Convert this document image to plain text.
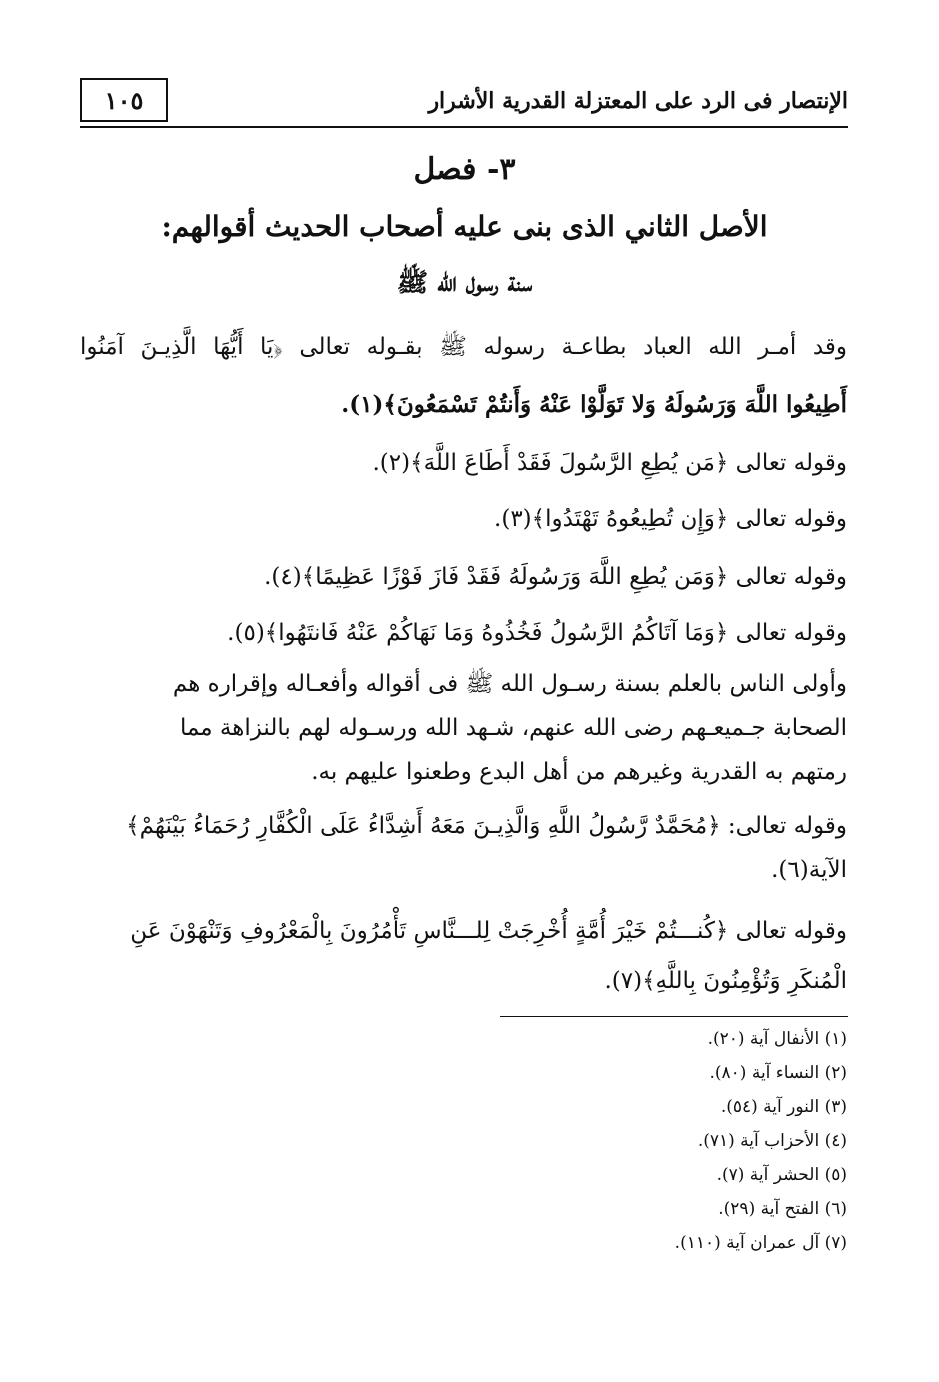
الإنتصار فى الرد على المعتزلة القدرية الأشرار
١٠٥
٣- فصل
الأصل الثاني الذى بنى عليه أصحاب الحديث أقوالهم:
سنة رسول الله ﷺ
وقد أمـر الله العباد بطاعـة رسوله ﷺ بقـوله تعالى ﴿يَا أَيُّهَا الَّذِيـنَ آمَنُوا
أَطِيعُوا اللَّهَ وَرَسُولَهُ وَلا تَوَلَّوْا عَنْهُ وَأَنتُمْ تَسْمَعُونَ﴾(١).
وقوله تعالى ﴿مَن يُطِعِ الرَّسُولَ فَقَدْ أَطَاعَ اللَّهَ﴾(٢).
وقوله تعالى ﴿وَإِن تُطِيعُوهُ تَهْتَدُوا﴾(٣).
وقوله تعالى ﴿وَمَن يُطِعِ اللَّهَ وَرَسُولَهُ فَقَدْ فَازَ فَوْزًا عَظِيمًا﴾(٤).
وقوله تعالى ﴿وَمَا آتَاكُمُ الرَّسُولُ فَخُذُوهُ وَمَا نَهَاكُمْ عَنْهُ فَانتَهُوا﴾(٥).
وأولى الناس بالعلم بسنة رسـول الله ﷺ فى أقواله وأفعـاله وإقراره هم
الصحابة جـميعـهم رضى الله عنهم، شـهد الله ورسـوله لهم بالنزاهة مما
رمتهم به القدرية وغيرهم من أهل البدع وطعنوا عليهم به.
وقوله تعالى: ﴿مُحَمَّدٌ رَّسُولُ اللَّهِ وَالَّذِيـنَ مَعَهُ أَشِدَّاءُ عَلَى الْكُفَّارِ رُحَمَاءُ بَيْنَهُمْ﴾
الآية(٦).
وقوله تعالى ﴿كُنـــتُمْ خَيْرَ أُمَّةٍ أُخْرِجَتْ لِلـــنَّاسِ تَأْمُرُونَ بِالْمَعْرُوفِ وَتَنْهَوْنَ عَنِ
الْمُنكَرِ وَتُؤْمِنُونَ بِاللَّهِ﴾(٧).
(١) الأنفال آية (٢٠).
(٢) النساء آية (٨٠).
(٣) النور آية (٥٤).
(٤) الأحزاب آية (٧١).
(٥) الحشر آية (٧).
(٦) الفتح آية (٢٩).
(٧) آل عمران آية (١١٠).
